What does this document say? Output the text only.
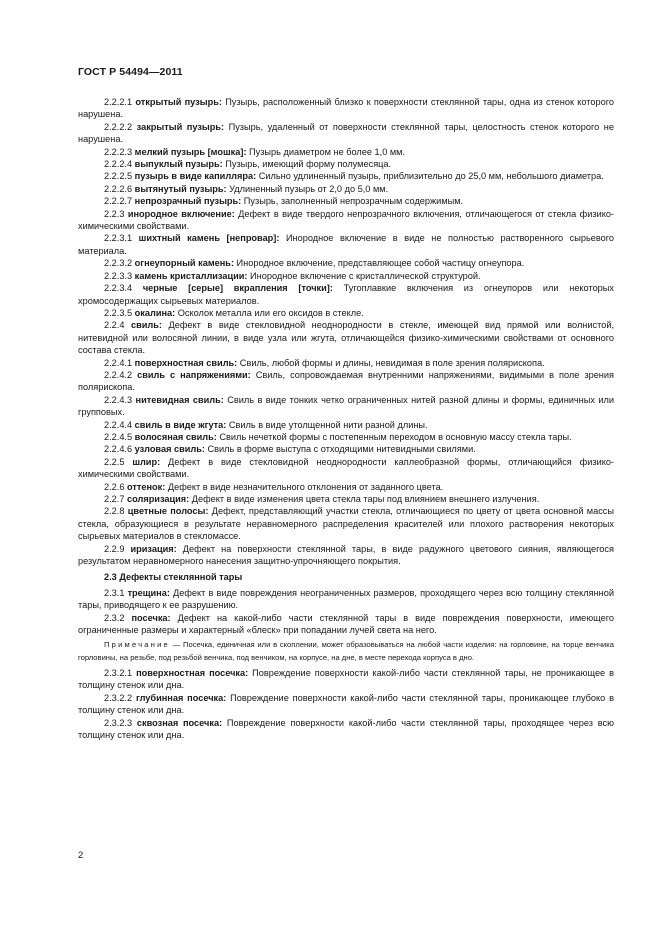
ГОСТ Р 54494—2011

2.2.2.1 открытый пузырь: Пузырь, расположенный близко к поверхности стеклянной тары, одна из стенок которого нарушена.

2.2.2.2 закрытый пузырь: Пузырь, удаленный от поверхности стеклянной тары, целостность стенок которого не нарушена.

2.2.2.3 мелкий пузырь [мошка]: Пузырь диаметром не более 1,0 мм.

2.2.2.4 выпуклый пузырь: Пузырь, имеющий форму полумесяца.

2.2.2.5 пузырь в виде капилляра: Сильно удлиненный пузырь, приблизительно до 25,0 мм, небольшого диаметра.

2.2.2.6 вытянутый пузырь: Удлиненный пузырь от 2,0 до 5,0 мм.

2.2.2.7 непрозрачный пузырь: Пузырь, заполненный непрозрачным содержимым.

2.2.3 инородное включение: Дефект в виде твердого непрозрачного включения, отличающегося от стекла физико-химическими свойствами.

2.2.3.1 шихтный камень [непровар]: Инородное включение в виде не полностью растворенного сырьевого материала.

2.2.3.2 огнеупорный камень: Инородное включение, представляющее собой частицу огнеупора.

2.2.3.3 камень кристаллизации: Инородное включение с кристаллической структурой.

2.2.3.4 черные [серые] вкрапления [точки]: Тугоплавкие включения из огнеупоров или некоторых хромосодержащих сырьевых материалов.

2.2.3.5 окалина: Осколок металла или его оксидов в стекле.

2.2.4 свиль: Дефект в виде стекловидной неоднородности в стекле, имеющей вид прямой или волнистой, нитевидной или волосяной линии, в виде узла или жгута, отличающейся физико-химическими свойствами от основного состава стекла.

2.2.4.1 поверхностная свиль: Свиль, любой формы и длины, невидимая в поле зрения полярископа.

2.2.4.2 свиль с напряжениями: Свиль, сопровождаемая внутренними напряжениями, видимыми в поле зрения полярископа.

2.2.4.3 нитевидная свиль: Свиль в виде тонких четко ограниченных нитей разной длины и формы, единичных или групповых.

2.2.4.4 свиль в виде жгута: Свиль в виде утолщенной нити разной длины.

2.2.4.5 волосяная свиль: Свиль нечеткой формы с постепенным переходом в основную массу стекла тары.

2.2.4.6 узловая свиль: Свиль в форме выступа с отходящими нитевидными свилями.

2.2.5 шлир: Дефект в виде стекловидной неоднородности каплеобразной формы, отличающийся физико-химическими свойствами.

2.2.6 оттенок: Дефект в виде незначительного отклонения от заданного цвета.

2.2.7 соляризация: Дефект в виде изменения цвета стекла тары под влиянием внешнего излучения.

2.2.8 цветные полосы: Дефект, представляющий участки стекла, отличающиеся по цвету от цвета основной массы стекла, образующиеся в результате неравномерного распределения красителей или плохого растворения некоторых сырьевых материалов в стекломассе.

2.2.9 иризация: Дефект на поверхности стеклянной тары, в виде радужного цветового сияния, являющегося результатом неравномерного нанесения защитно-упрочняющего покрытия.

2.3 Дефекты стеклянной тары

2.3.1 трещина: Дефект в виде повреждения неограниченных размеров, проходящего через всю толщину стеклянной тары, приводящего к ее разрушению.

2.3.2 посечка: Дефект на какой-либо части стеклянной тары в виде повреждения поверхности, имеющего ограниченные размеры и характерный «блеск» при попадании лучей света на него.

Примечание — Посечка, единичная или в скоплении, может образовываться на любой части изделия: на горловине, на торце венчика горловины, на резьбе, под резьбой венчика, под венчиком, на корпусе, на дне, в месте перехода корпуса в дно.

2.3.2.1 поверхностная посечка: Повреждение поверхности какой-либо части стеклянной тары, не проникающее в толщину стенок или дна.

2.3.2.2 глубинная посечка: Повреждение поверхности какой-либо части стеклянной тары, проникающее глубоко в толщину стенок или дна.

2.3.2.3 сквозная посечка: Повреждение поверхности какой-либо части стеклянной тары, проходящее через всю толщину стенок или дна.

2
